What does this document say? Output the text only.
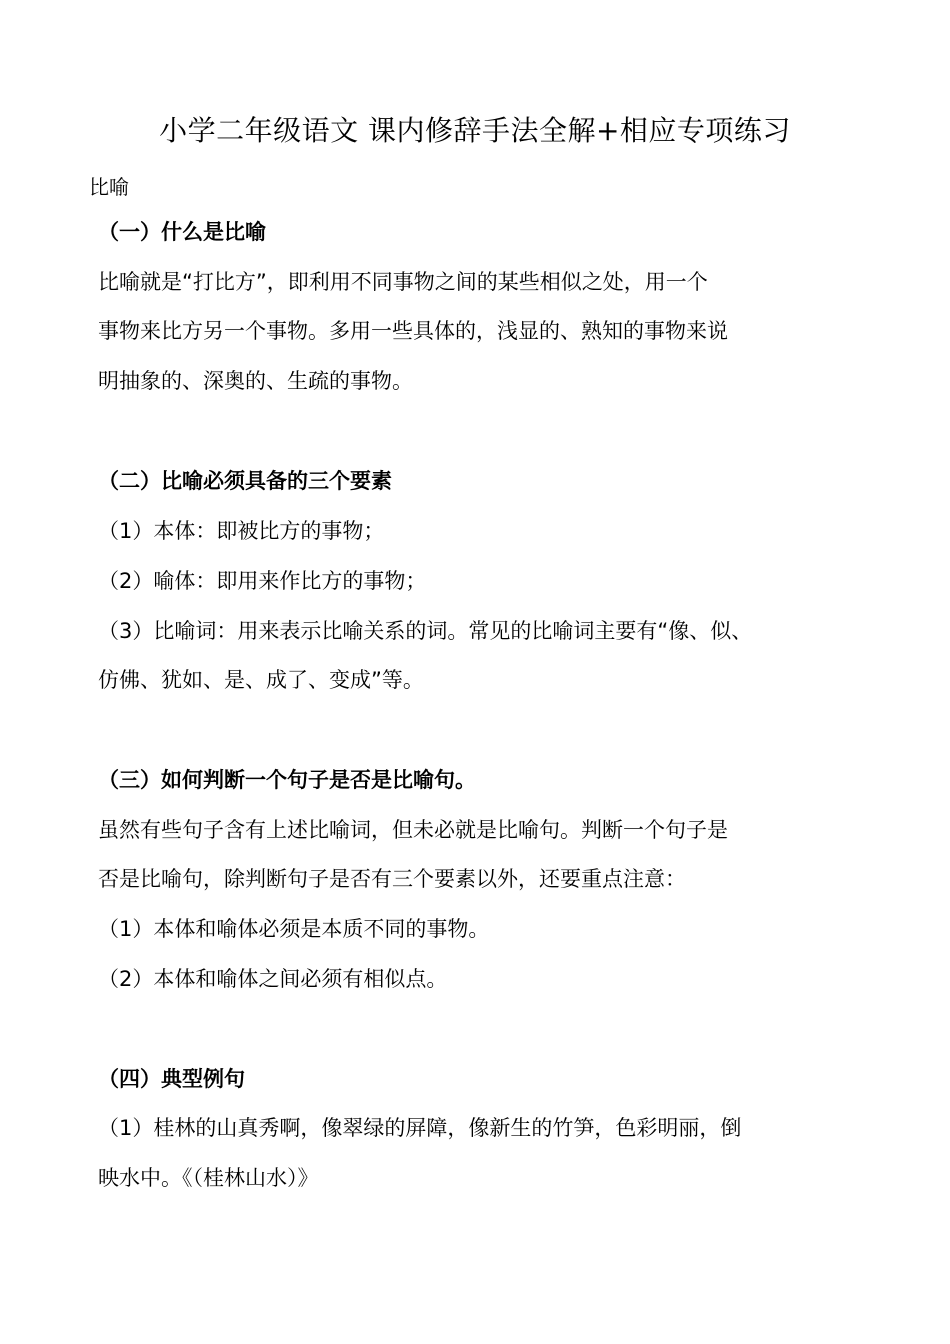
小学二年级语文 课内修辞手法全解+相应专项练习
比喻
（一）什么是比喻
比喻就是“打比方”，即利用不同事物之间的某些相似之处，用一个
事物来比方另一个事物。多用一些具体的，浅显的、熟知的事物来说
明抽象的、深奥的、生疏的事物。
（二）比喻必须具备的三个要素
（1）本体：即被比方的事物；
（2）喻体：即用来作比方的事物；
（3）比喻词：用来表示比喻关系的词。常见的比喻词主要有“像、似、
仿佛、犹如、是、成了、变成”等。
（三）如何判断一个句子是否是比喻句。
虽然有些句子含有上述比喻词，但未必就是比喻句。判断一个句子是
否是比喻句，除判断句子是否有三个要素以外，还要重点注意：
（1）本体和喻体必须是本质不同的事物。
（2）本体和喻体之间必须有相似点。
（四）典型例句
（1）桂林的山真秀啊，像翠绿的屏障，像新生的竹笋，色彩明丽，倒
映水中。《（桂林山水）》
